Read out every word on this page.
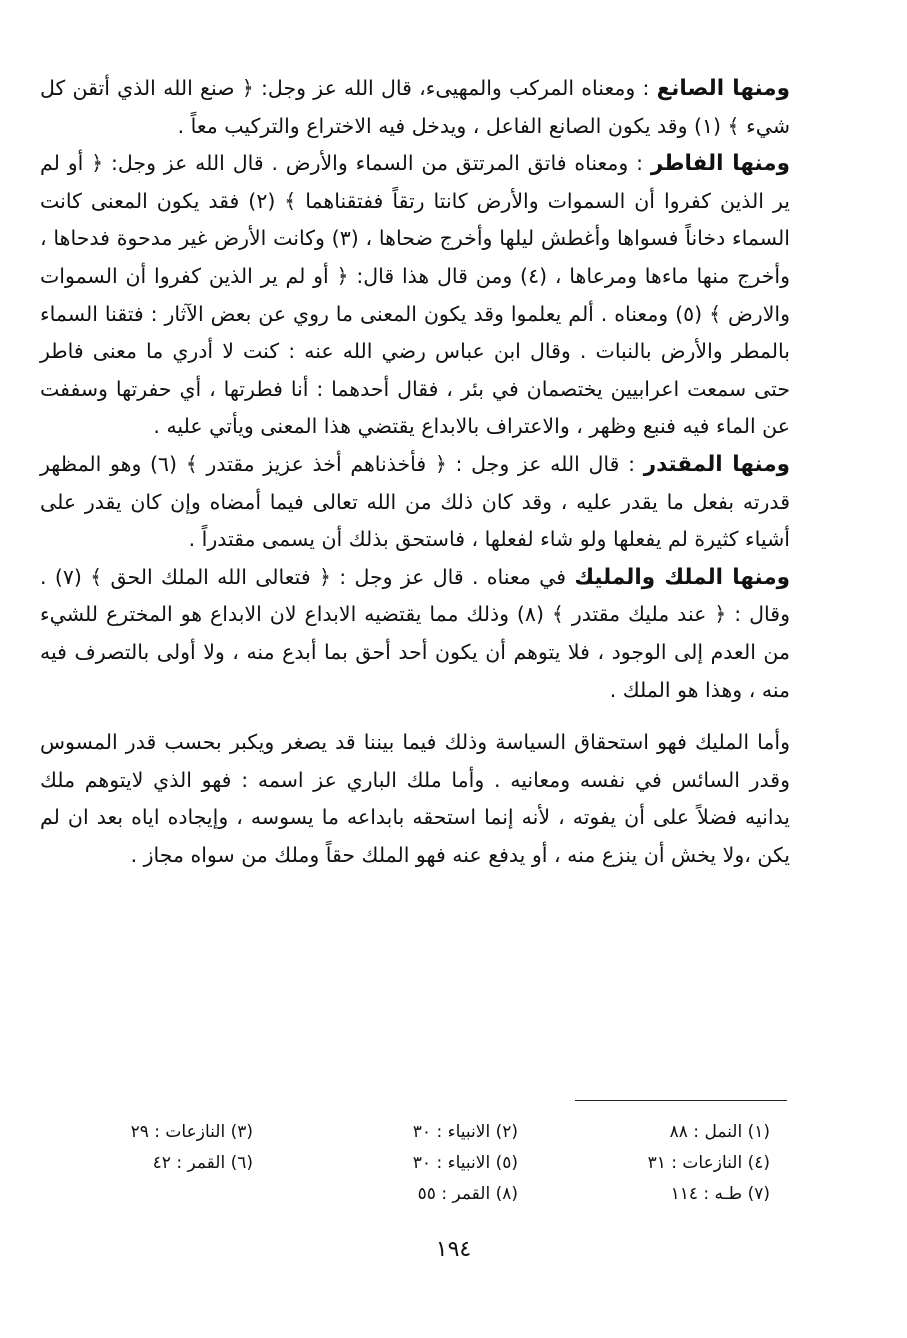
ومنها الصانع : ومعناه المركب والمهيىء، قال الله عز وجل: ﴿ صنع الله الذي أتقن كل شيء ﴾ (١) وقد يكون الصانع الفاعل ، ويدخل فيه الاختراع والتركيب معاً .

ومنها الفاطر : ومعناه فاتق المرتتق من السماء والأرض . قال الله عز وجل: ﴿ أو لم ير الذين كفروا أن السموات والأرض كانتا رتقاً ففتقناهما ﴾ (٢) فقد يكون المعنى كانت السماء دخاناً فسواها وأغطش ليلها وأخرج ضحاها ، (٣) وكانت الأرض غير مدحوة فدحاها ، وأخرج منها ماءها ومرعاها ، (٤) ومن قال هذا قال: ﴿ أو لم ير الذين كفروا أن السموات والارض ﴾ (٥) ومعناه . ألم يعلموا وقد يكون المعنى ما روي عن بعض الآثار : فتقنا السماء بالمطر والأرض بالنبات . وقال ابن عباس رضي الله عنه : كنت لا أدري ما معنى فاطر حتى سمعت اعرابيين يختصمان في بئر ، فقال أحدهما : أنا فطرتها ، أي حفرتها وسففت عن الماء فيه فنبع وظهر ، والاعتراف بالابداع يقتضي هذا المعنى ويأتي عليه .

ومنها المقتدر : قال الله عز وجل : ﴿ فأخذناهم أخذ عزيز مقتدر ﴾ (٦) وهو المظهر قدرته بفعل ما يقدر عليه ، وقد كان ذلك من الله تعالى فيما أمضاه وإن كان يقدر على أشياء كثيرة لم يفعلها ولو شاء لفعلها ، فاستحق بذلك أن يسمى مقتدراً .

ومنها الملك والمليك في معناه . قال عز وجل : ﴿ فتعالى الله الملك الحق ﴾ (٧) . وقال : ﴿ عند مليك مقتدر ﴾ (٨) وذلك مما يقتضيه الابداع لان الابداع هو المخترع للشيء من العدم إلى الوجود ، فلا يتوهم أن يكون أحد أحق بما أبدع منه ، ولا أولى بالتصرف فيه منه ، وهذا هو الملك .

وأما المليك فهو استحقاق السياسة وذلك فيما بيننا قد يصغر ويكبر بحسب قدر المسوس وقدر السائس في نفسه ومعانيه . وأما ملك الباري عز اسمه : فهو الذي لايتوهم ملك يدانيه فضلاً على أن يفوته ، لأنه إنما استحقه بابداعه ما يسوسه ، وإيجاده اياه بعد ان لم يكن ،ولا يخش أن ينزع منه ، أو يدفع عنه فهو الملك حقاً وملك من سواه مجاز .

(١) النمل : ٨٨
(٢) الانبياء : ٣٠
(٣) النازعات : ٢٩
(٤) النازعات : ٣١
(٥) الانبياء : ٣٠
(٦) القمر : ٤٢
(٧) طـه : ١١٤
(٨) القمر : ٥٥
١٩٤
